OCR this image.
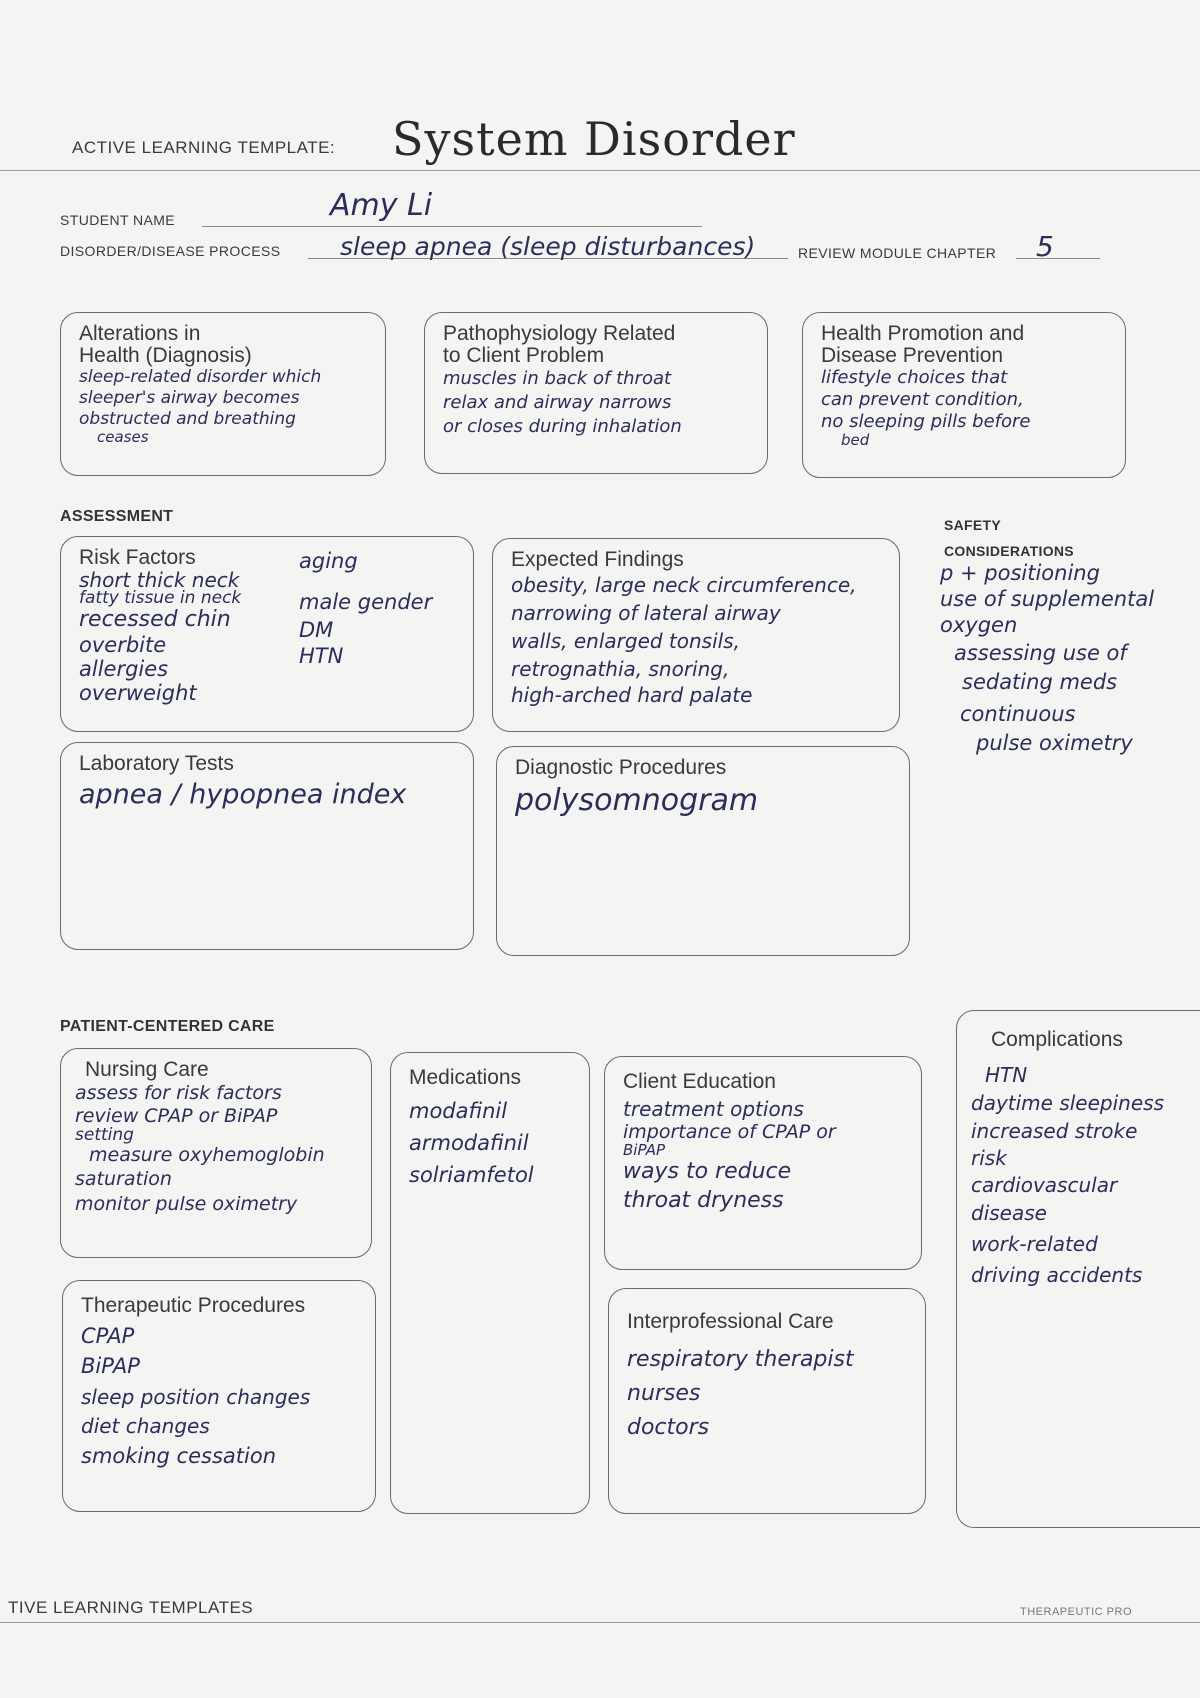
ACTIVE LEARNING TEMPLATE: System Disorder
STUDENT NAME	Amy Li
DISORDER/DISEASE PROCESS sleep apnea (sleep disturbances)	REVIEW MODULE CHAPTER 5
Alterations in
Health (Diagnosis)
sleep-related disorder which
sleeper's airway becomes
obstructed and breathing
ceases
Pathophysiology Related
to Client Problem
muscles in back of throat
relax and airway narrows
or closes during inhalation
Health Promotion and
Disease Prevention
lifestyle choices that
can prevent condition,
no sleeping pills before
bed
ASSESSMENT
Risk Factors
short thick neck
fatty tissue in neck
recessed chin
overbite
allergies
overweight
aging
male gender
DM
HTN
Expected Findings
obesity, large neck circumference,
narrowing of lateral airway
walls, enlarged tonsils,
retrognathia, snoring,
high-arched hard palate
SAFETY
CONSIDERATIONS
p + positioning
use of supplemental
oxygen
assessing use of
sedating meds
continuous
pulse oximetry
Laboratory Tests
apnea / hypopnea index
Diagnostic Procedures
polysomnogram
PATIENT-CENTERED CARE
Nursing Care
assess for risk factors
review CPAP or BiPAP
setting
measure oxyhemoglobin
saturation
monitor pulse oximetry
Medications
modafinil
armodafinil
solriamfetol
Client Education
treatment options
importance of CPAP or
BiPAP
ways to reduce
throat dryness
Complications
HTN
daytime sleepiness
increased stroke
risk
cardiovascular
disease
work-related
driving accidents
Therapeutic Procedures
CPAP
BiPAP
sleep position changes
diet changes
smoking cessation
Interprofessional Care
respiratory therapist
nurses
doctors
TIVE LEARNING TEMPLATES	THERAPEUTIC PRO
